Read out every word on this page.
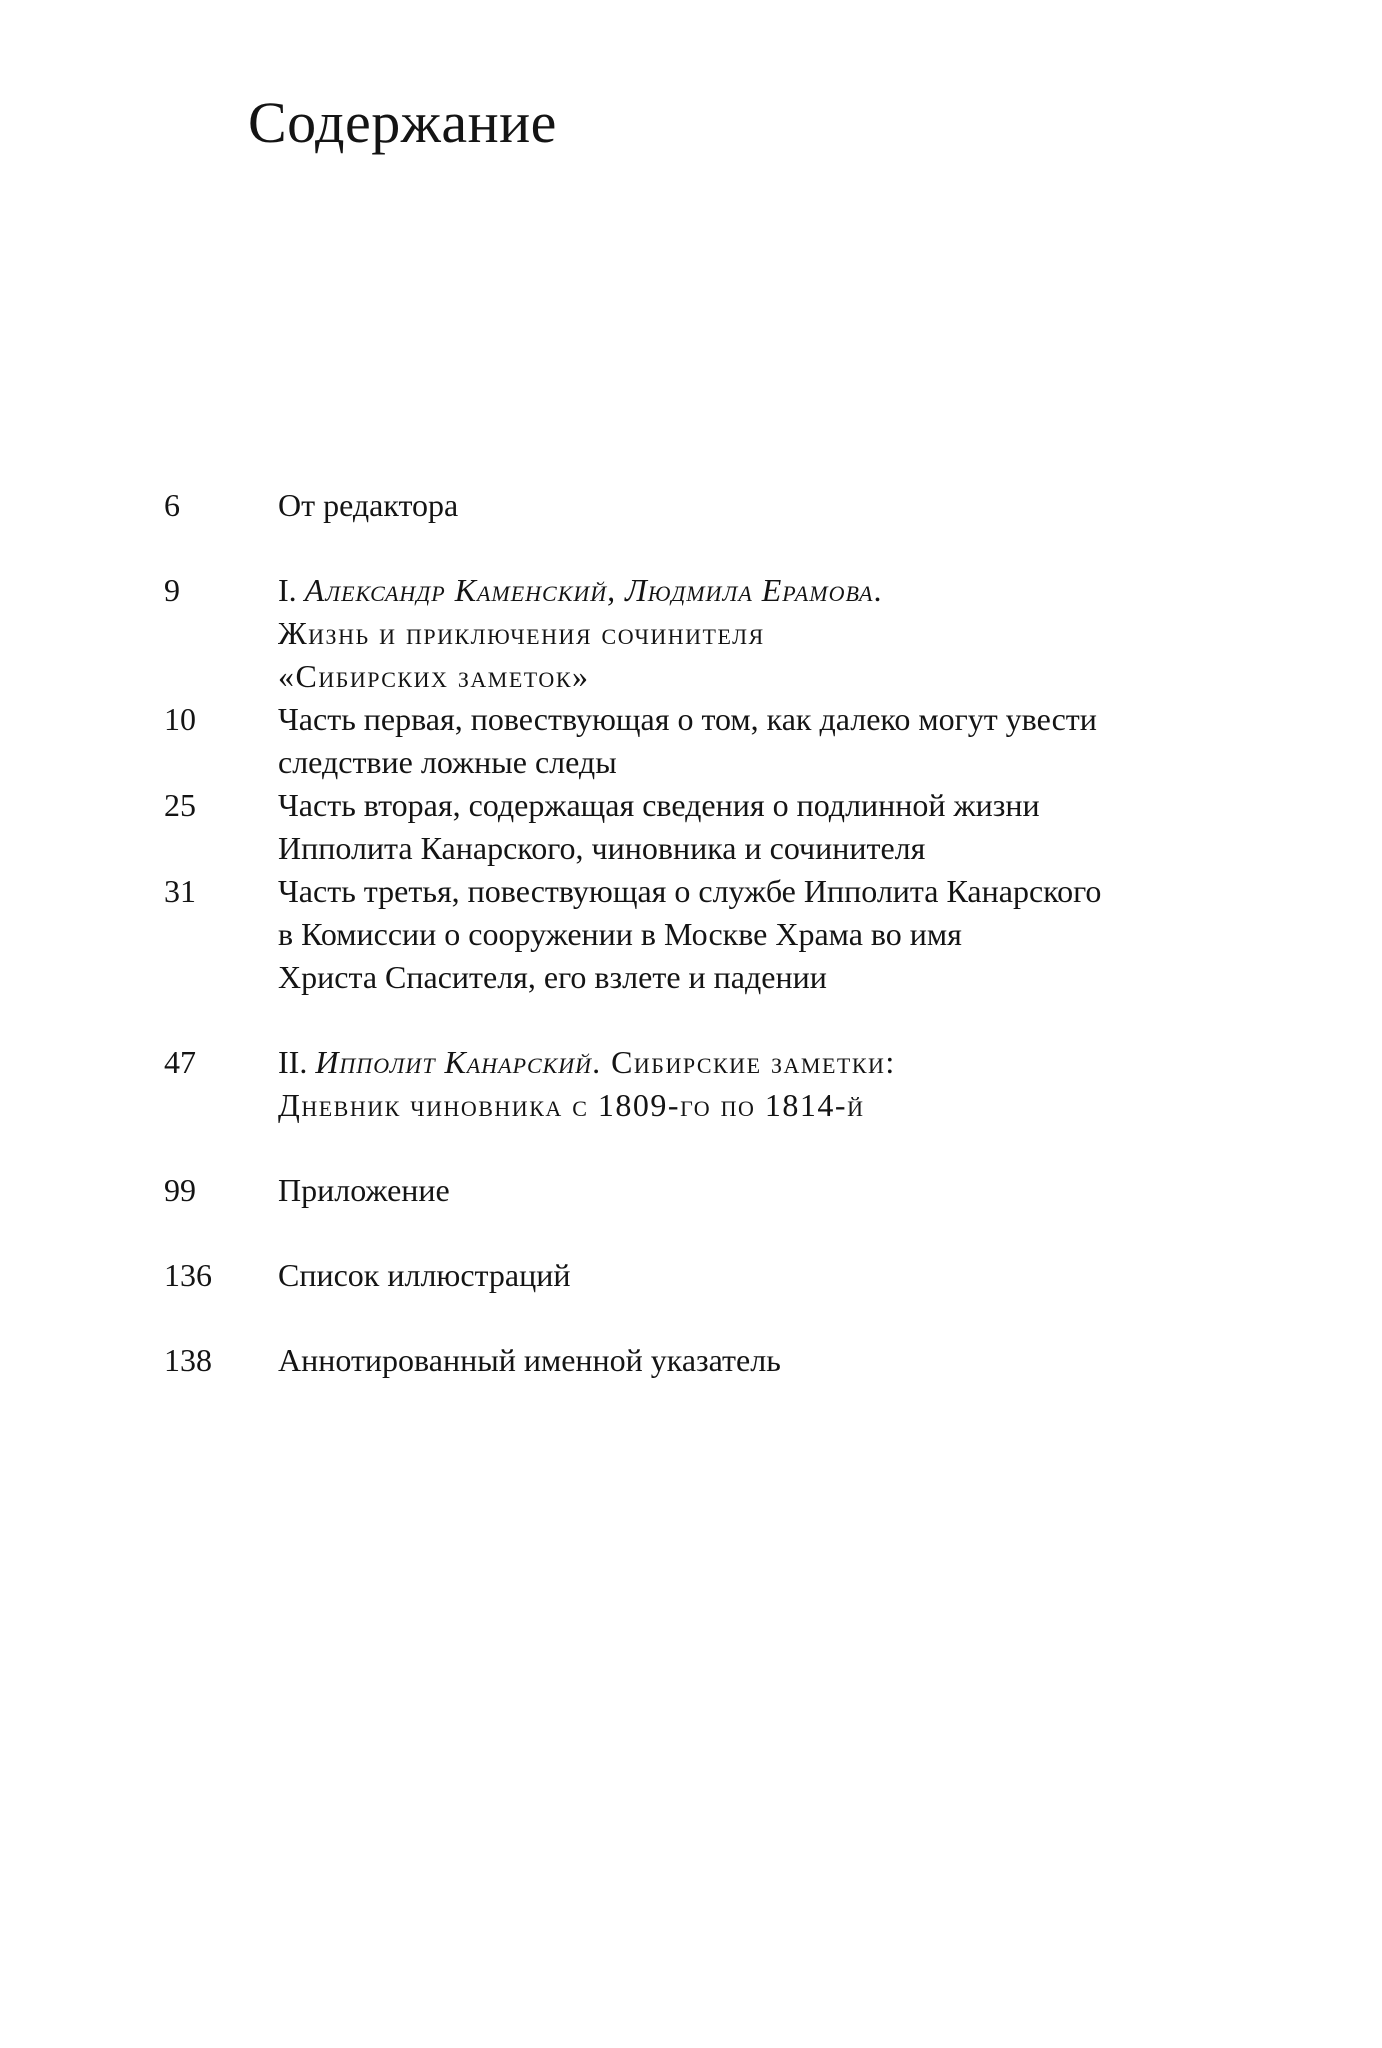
Содержание
6	От редактора
9	I. Александр Каменский, Людмила Ерамова.
Жизнь и приключения сочинителя
«Сибирских заметок»
10	Часть первая, повествующая о том, как далеко могут увести
следствие ложные следы
25	Часть вторая, содержащая сведения о подлинной жизни
Ипполита Канарского, чиновника и сочинителя
31	Часть третья, повествующая о службе Ипполита Канарского
в Комиссии о сооружении в Москве Храма во имя
Христа Спасителя, его взлете и падении
47	II. Ипполит Канарский. Сибирские заметки:
Дневник чиновника с 1809-го по 1814-й
99	Приложение
136	Список иллюстраций
138	Аннотированный именной указатель
